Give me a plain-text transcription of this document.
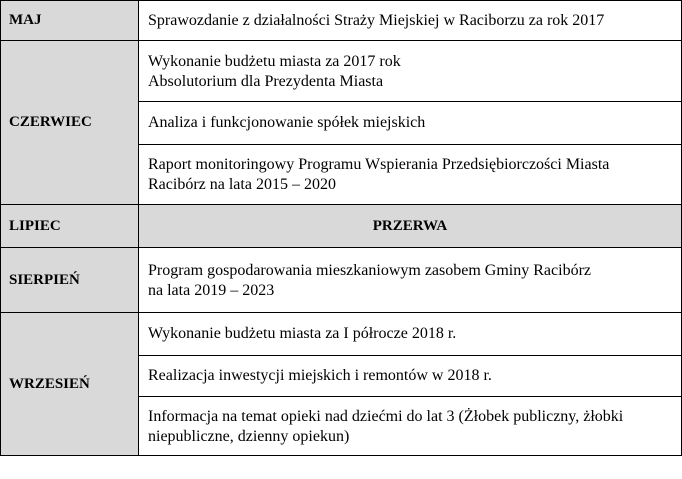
MAJ	Sprawozdanie z działalności Straży Miejskiej w Raciborzu za rok 2017

CZERWIEC	Wykonanie budżetu miasta za 2017 rok
Absolutorium dla Prezydenta Miasta

	Analiza i funkcjonowanie spółek miejskich

	Raport monitoringowy Programu Wspierania Przedsiębiorczości Miasta
Racibórz na lata 2015 – 2020

LIPIEC	PRZERWA
SIERPIEŃ	Program gospodarowania mieszkaniowym zasobem Gminy Racibórz
na lata 2019 – 2023

WRZESIEŃ	Wykonanie budżetu miasta za I półrocze 2018 r.

	Realizacja inwestycji miejskich i remontów w 2018 r.

	Informacja na temat opieki nad dziećmi do lat 3 (Żłobek publiczny, żłobki
niepubliczne, dzienny opiekun)
